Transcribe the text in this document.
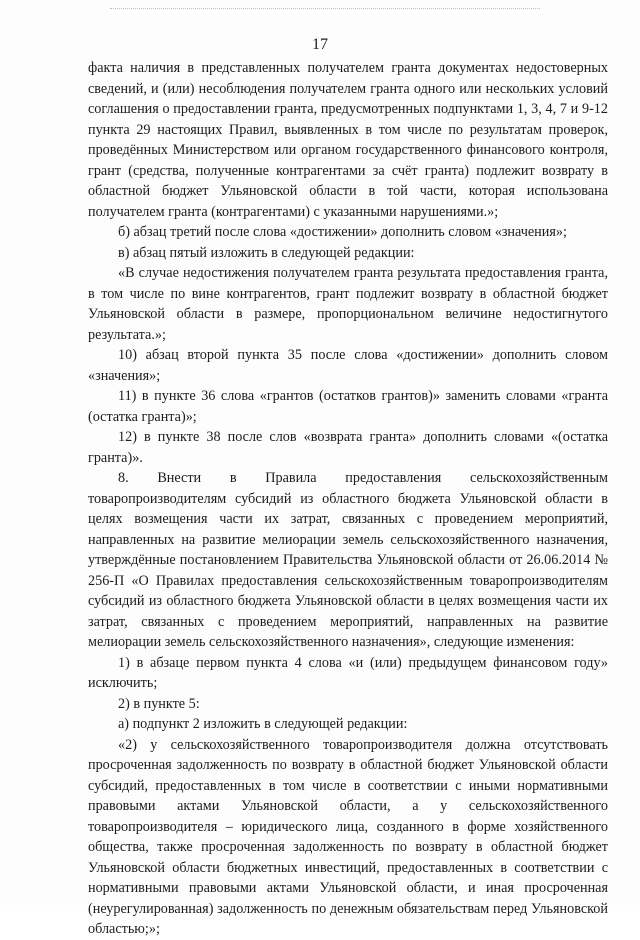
17

факта наличия в представленных получателем гранта документах недостоверных сведений, и (или) несоблюдения получателем гранта одного или нескольких условий соглашения о предоставлении гранта, предусмотренных подпунктами 1, 3, 4, 7 и 9-12 пункта 29 настоящих Правил, выявленных в том числе по результатам проверок, проведённых Министерством или органом государственного финансового контроля, грант (средства, полученные контрагентами за счёт гранта) подлежит возврату в областной бюджет Ульяновской области в той части, которая использована получателем гранта (контрагентами) с указанными нарушениями.»;

б) абзац третий после слова «достижении» дополнить словом «значения»;

в) абзац пятый изложить в следующей редакции:

«В случае недостижения получателем гранта результата предоставления гранта, в том числе по вине контрагентов, грант подлежит возврату в областной бюджет Ульяновской области в размере, пропорциональном величине недостигнутого результата.»;

10) абзац второй пункта 35 после слова «достижении» дополнить словом «значения»;

11) в пункте 36 слова «грантов (остатков грантов)» заменить словами «гранта (остатка гранта)»;

12) в пункте 38 после слов «возврата гранта» дополнить словами «(остатка гранта)».

8. Внести в Правила предоставления сельскохозяйственным товаропроизводителям субсидий из областного бюджета Ульяновской области в целях возмещения части их затрат, связанных с проведением мероприятий, направленных на развитие мелиорации земель сельскохозяйственного назначения, утверждённые постановлением Правительства Ульяновской области от 26.06.2014 № 256-П «О Правилах предоставления сельскохозяйственным товаропроизводителям субсидий из областного бюджета Ульяновской области в целях возмещения части их затрат, связанных с проведением мероприятий, направленных на развитие мелиорации земель сельскохозяйственного назначения», следующие изменения:

1) в абзаце первом пункта 4 слова «и (или) предыдущем финансовом году» исключить;

2) в пункте 5:

а) подпункт 2 изложить в следующей редакции:

«2) у сельскохозяйственного товаропроизводителя должна отсутствовать просроченная задолженность по возврату в областной бюджет Ульяновской области субсидий, предоставленных в том числе в соответствии с иными нормативными правовыми актами Ульяновской области, а у сельскохозяйственного товаропроизводителя – юридического лица, созданного в форме хозяйственного общества, также просроченная задолженность по возврату в областной бюджет Ульяновской области бюджетных инвестиций, предоставленных в соответствии с нормативными правовыми актами Ульяновской области, и иная просроченная (неурегулированная) задолженность по денежным обязательствам перед Ульяновской областью;»;
